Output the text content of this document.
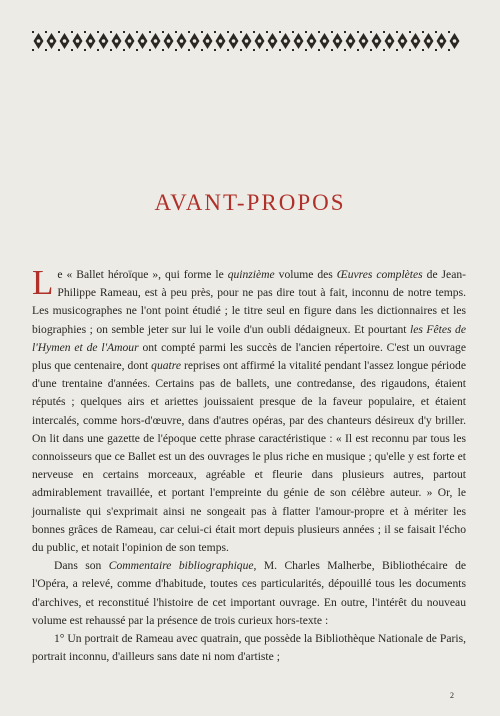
AVANT-PROPOS

Le « Ballet héroïque », qui forme le quinzième volume des Œuvres complètes de Jean-Philippe Rameau, est à peu près, pour ne pas dire tout à fait, inconnu de notre temps. Les musicographes ne l'ont point étudié ; le titre seul en figure dans les dictionnaires et les biographies ; on semble jeter sur lui le voile d'un oubli dédaigneux. Et pourtant les Fêtes de l'Hymen et de l'Amour ont compté parmi les succès de l'ancien répertoire. C'est un ouvrage plus que centenaire, dont quatre reprises ont affirmé la vitalité pendant l'assez longue période d'une trentaine d'années. Certains pas de ballets, une contredanse, des rigaudons, étaient réputés ; quelques airs et ariettes jouissaient presque de la faveur populaire, et étaient intercalés, comme hors-d'œuvre, dans d'autres opéras, par des chanteurs désireux d'y briller. On lit dans une gazette de l'époque cette phrase caractéristique : « Il est reconnu par tous les connoisseurs que ce Ballet est un des ouvrages le plus riche en musique ; qu'elle y est forte et nerveuse en certains morceaux, agréable et fleurie dans plusieurs autres, partout admirablement travaillée, et portant l'empreinte du génie de son célèbre auteur. » Or, le journaliste qui s'exprimait ainsi ne songeait pas à flatter l'amour-propre et à mériter les bonnes grâces de Rameau, car celui-ci était mort depuis plusieurs années ; il se faisait l'écho du public, et notait l'opinion de son temps.

Dans son Commentaire bibliographique, M. Charles Malherbe, Bibliothécaire de l'Opéra, a relevé, comme d'habitude, toutes ces particularités, dépouillé tous les documents d'archives, et reconstitué l'histoire de cet important ouvrage. En outre, l'intérêt du nouveau volume est rehaussé par la présence de trois curieux hors-texte :

1° Un portrait de Rameau avec quatrain, que possède la Bibliothèque Nationale de Paris, portrait inconnu, d'ailleurs sans date ni nom d'artiste ;

2
